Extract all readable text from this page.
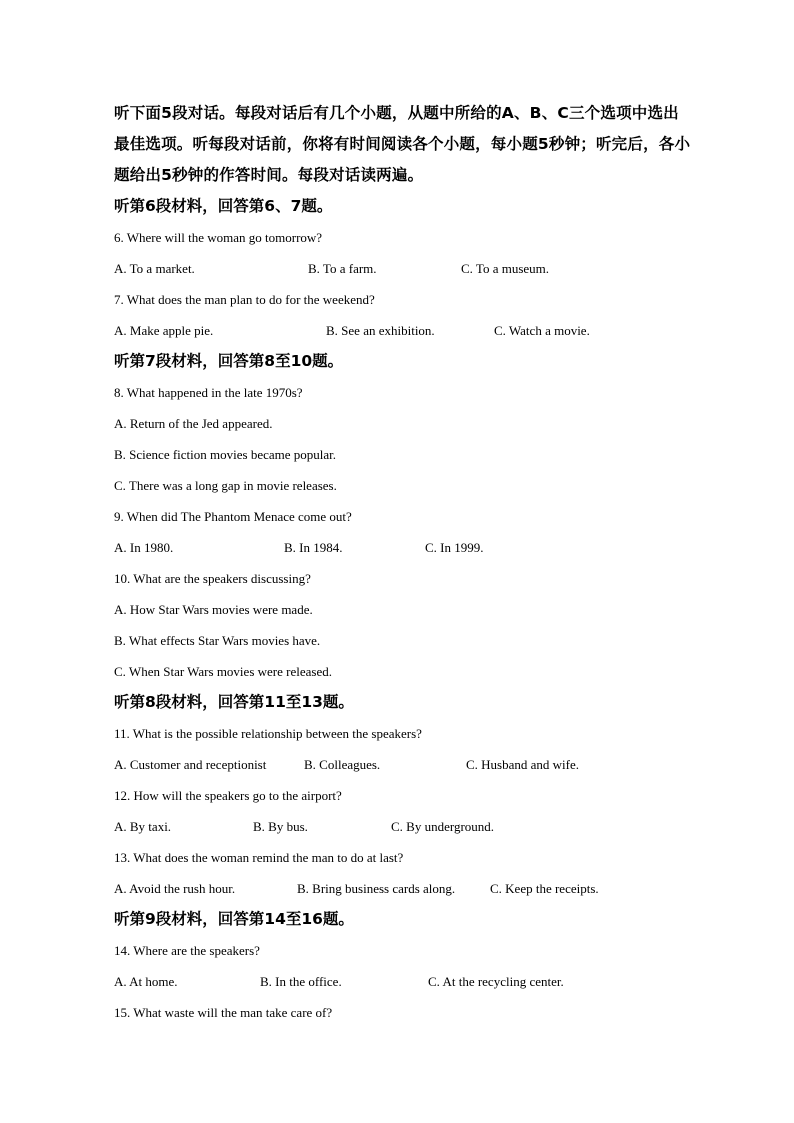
听下面5段对话。每段对话后有几个小题，从题中所给的A、B、C三个选项中选出最佳选项。听每段对话前，你将有时间阅读各个小题，每小题5秒钟；听完后，各小题给出5秒钟的作答时间。每段对话读两遍。

听第6段材料，回答第6、7题。
6. Where will the woman go tomorrow?
A. To a market.	B. To a farm.	C. To a museum.
7. What does the man plan to do for the weekend?
A. Make apple pie.	B. See an exhibition.	C. Watch a movie.
听第7段材料，回答第8至10题。
8. What happened in the late 1970s?
A. Return of the Jed appeared.
B. Science fiction movies became popular.
C. There was a long gap in movie releases.
9. When did The Phantom Menace come out?
A. In 1980.	B. In 1984.	C. In 1999.
10. What are the speakers discussing?
A. How Star Wars movies were made.
B. What effects Star Wars movies have.
C. When Star Wars movies were released.
听第8段材料，回答第11至13题。
11. What is the possible relationship between the speakers?
A. Customer and receptionist	B. Colleagues.	C. Husband and wife.
12. How will the speakers go to the airport?
A. By taxi.	B. By bus.	C. By underground.
13. What does the woman remind the man to do at last?
A. Avoid the rush hour.	B. Bring business cards along.	C. Keep the receipts.
听第9段材料，回答第14至16题。
14. Where are the speakers?
A. At home.	B. In the office.	C. At the recycling center.
15. What waste will the man take care of?
